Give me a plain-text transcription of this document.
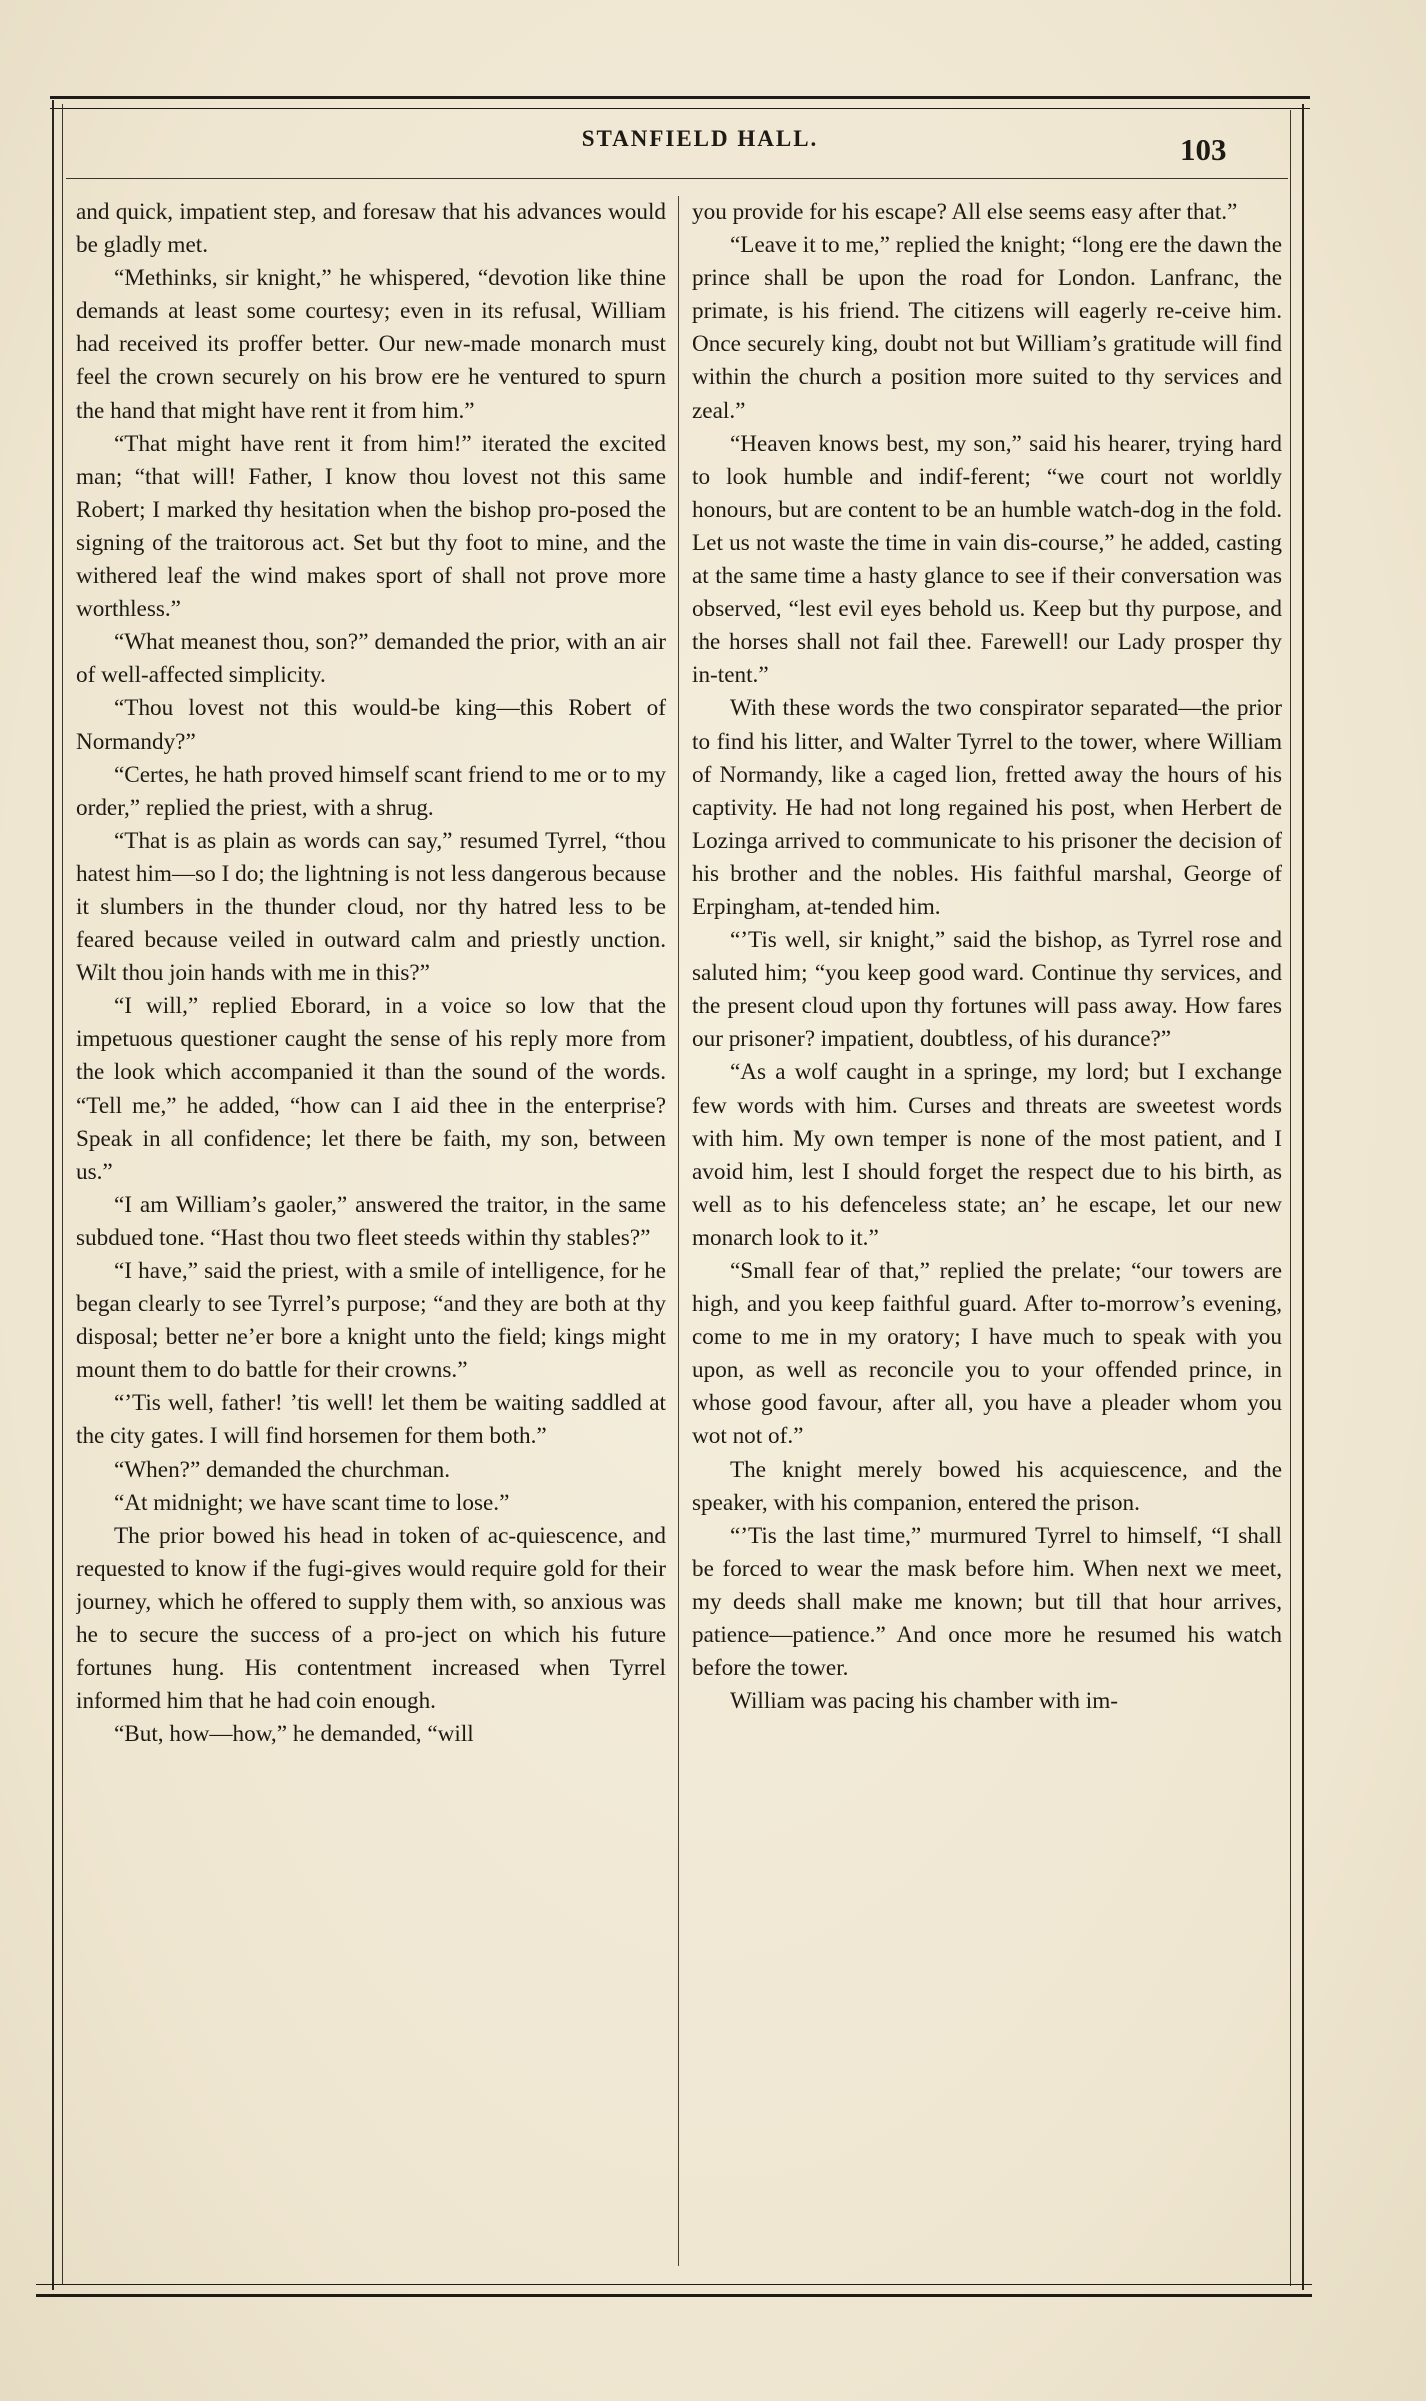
STANFIELD HALL.	103

and quick, impatient step, and foresaw that his advances would be gladly met.

“Methinks, sir knight,” he whispered, “devotion like thine demands at least some courtesy; even in its refusal, William had received its proffer better. Our new-made monarch must feel the crown securely on his brow ere he ventured to spurn the hand that might have rent it from him.”

“That might have rent it from him!” iterated the excited man; “that will! Father, I know thou lovest not this same Robert; I marked thy hesitation when the bishop pro-posed the signing of the traitorous act. Set but thy foot to mine, and the withered leaf the wind makes sport of shall not prove more worthless.”

“What meanest thou, son?” demanded the prior, with an air of well-affected simplicity.

“Thou lovest not this would-be king—this Robert of Normandy?”

“Certes, he hath proved himself scant friend to me or to my order,” replied the priest, with a shrug.

“That is as plain as words can say,” resumed Tyrrel, “thou hatest him—so I do; the lightning is not less dangerous because it slumbers in the thunder cloud, nor thy hatred less to be feared because veiled in outward calm and priestly unction. Wilt thou join hands with me in this?”

“I will,” replied Eborard, in a voice so low that the impetuous questioner caught the sense of his reply more from the look which accompanied it than the sound of the words. “Tell me,” he added, “how can I aid thee in the enterprise? Speak in all confidence; let there be faith, my son, between us.”

“I am William’s gaoler,” answered the traitor, in the same subdued tone. “Hast thou two fleet steeds within thy stables?”

“I have,” said the priest, with a smile of intelligence, for he began clearly to see Tyrrel’s purpose; “and they are both at thy disposal; better ne’er bore a knight unto the field; kings might mount them to do battle for their crowns.”

“’Tis well, father! ’tis well! let them be waiting saddled at the city gates. I will find horsemen for them both.”

“When?” demanded the churchman.

“At midnight; we have scant time to lose.”

The prior bowed his head in token of ac-quiescence, and requested to know if the fugi-gives would require gold for their journey, which he offered to supply them with, so anxious was he to secure the success of a pro-ject on which his future fortunes hung. His contentment increased when Tyrrel informed him that he had coin enough.

“But, how—how,” he demanded, “will

you provide for his escape? All else seems easy after that.”

“Leave it to me,” replied the knight; “long ere the dawn the prince shall be upon the road for London. Lanfranc, the primate, is his friend. The citizens will eagerly re-ceive him. Once securely king, doubt not but William’s gratitude will find within the church a position more suited to thy services and zeal.”

“Heaven knows best, my son,” said his hearer, trying hard to look humble and indif-ferent; “we court not worldly honours, but are content to be an humble watch-dog in the fold. Let us not waste the time in vain dis-course,” he added, casting at the same time a hasty glance to see if their conversation was observed, “lest evil eyes behold us. Keep but thy purpose, and the horses shall not fail thee. Farewell! our Lady prosper thy in-tent.”

With these words the two conspirator separated—the prior to find his litter, and Walter Tyrrel to the tower, where William of Normandy, like a caged lion, fretted away the hours of his captivity. He had not long regained his post, when Herbert de Lozinga arrived to communicate to his prisoner the decision of his brother and the nobles. His faithful marshal, George of Erpingham, at-tended him.

“’Tis well, sir knight,” said the bishop, as Tyrrel rose and saluted him; “you keep good ward. Continue thy services, and the present cloud upon thy fortunes will pass away. How fares our prisoner? impatient, doubtless, of his durance?”

“As a wolf caught in a springe, my lord; but I exchange few words with him. Curses and threats are sweetest words with him. My own temper is none of the most patient, and I avoid him, lest I should forget the respect due to his birth, as well as to his defenceless state; an’ he escape, let our new monarch look to it.”

“Small fear of that,” replied the prelate; “our towers are high, and you keep faithful guard. After to-morrow’s evening, come to me in my oratory; I have much to speak with you upon, as well as reconcile you to your offended prince, in whose good favour, after all, you have a pleader whom you wot not of.”

The knight merely bowed his acquiescence, and the speaker, with his companion, entered the prison.

“’Tis the last time,” murmured Tyrrel to himself, “I shall be forced to wear the mask before him. When next we meet, my deeds shall make me known; but till that hour arrives, patience—patience.” And once more he resumed his watch before the tower.

William was pacing his chamber with im-
